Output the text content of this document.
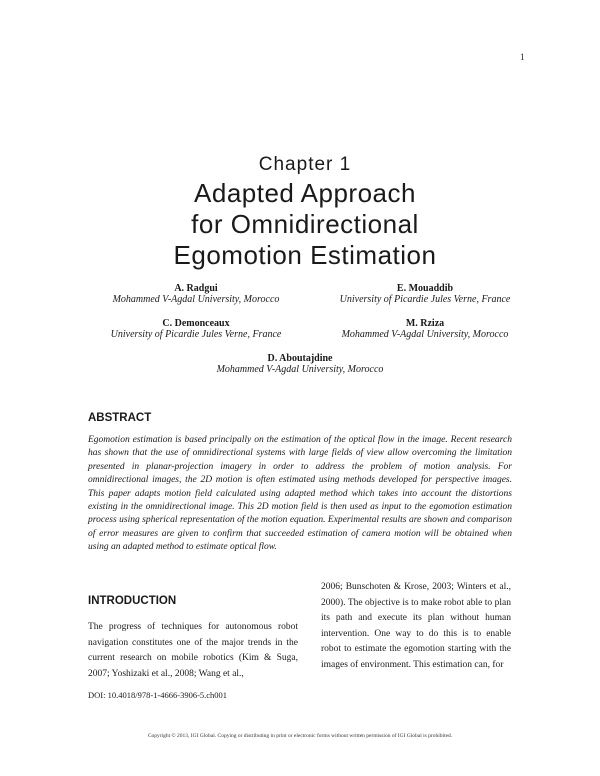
1
Chapter 1
Adapted Approach
for Omnidirectional
Egomotion Estimation
A. Radgui
Mohammed V-Agdal University, Morocco
E. Mouaddib
University of Picardie Jules Verne, France
C. Demonceaux
University of Picardie Jules Verne, France
M. Rziza
Mohammed V-Agdal University, Morocco
D. Aboutajdine
Mohammed V-Agdal University, Morocco
ABSTRACT
Egomotion estimation is based principally on the estimation of the optical flow in the image. Recent research has shown that the use of omnidirectional systems with large fields of view allow overcoming the limitation presented in planar-projection imagery in order to address the problem of motion analysis. For omnidirectional images, the 2D motion is often estimated using methods developed for perspective images. This paper adapts motion field calculated using adapted method which takes into account the distortions existing in the omnidirectional image. This 2D motion field is then used as input to the egomotion estimation process using spherical representation of the motion equation. Experimental results are shown and comparison of error measures are given to confirm that succeeded estimation of camera motion will be obtained when using an adapted method to estimate optical flow.
INTRODUCTION
The progress of techniques for autonomous robot navigation constitutes one of the major trends in the current research on mobile robotics (Kim & Suga, 2007; Yoshizaki et al., 2008; Wang et al.,
2006; Bunschoten & Krose, 2003; Winters et al., 2000). The objective is to make robot able to plan its path and execute its plan without human intervention. One way to do this is to enable robot to estimate the egomotion starting with the images of environment. This estimation can, for
DOI: 10.4018/978-1-4666-3906-5.ch001
Copyright © 2013, IGI Global. Copying or distributing in print or electronic forms without written permission of IGI Global is prohibited.
